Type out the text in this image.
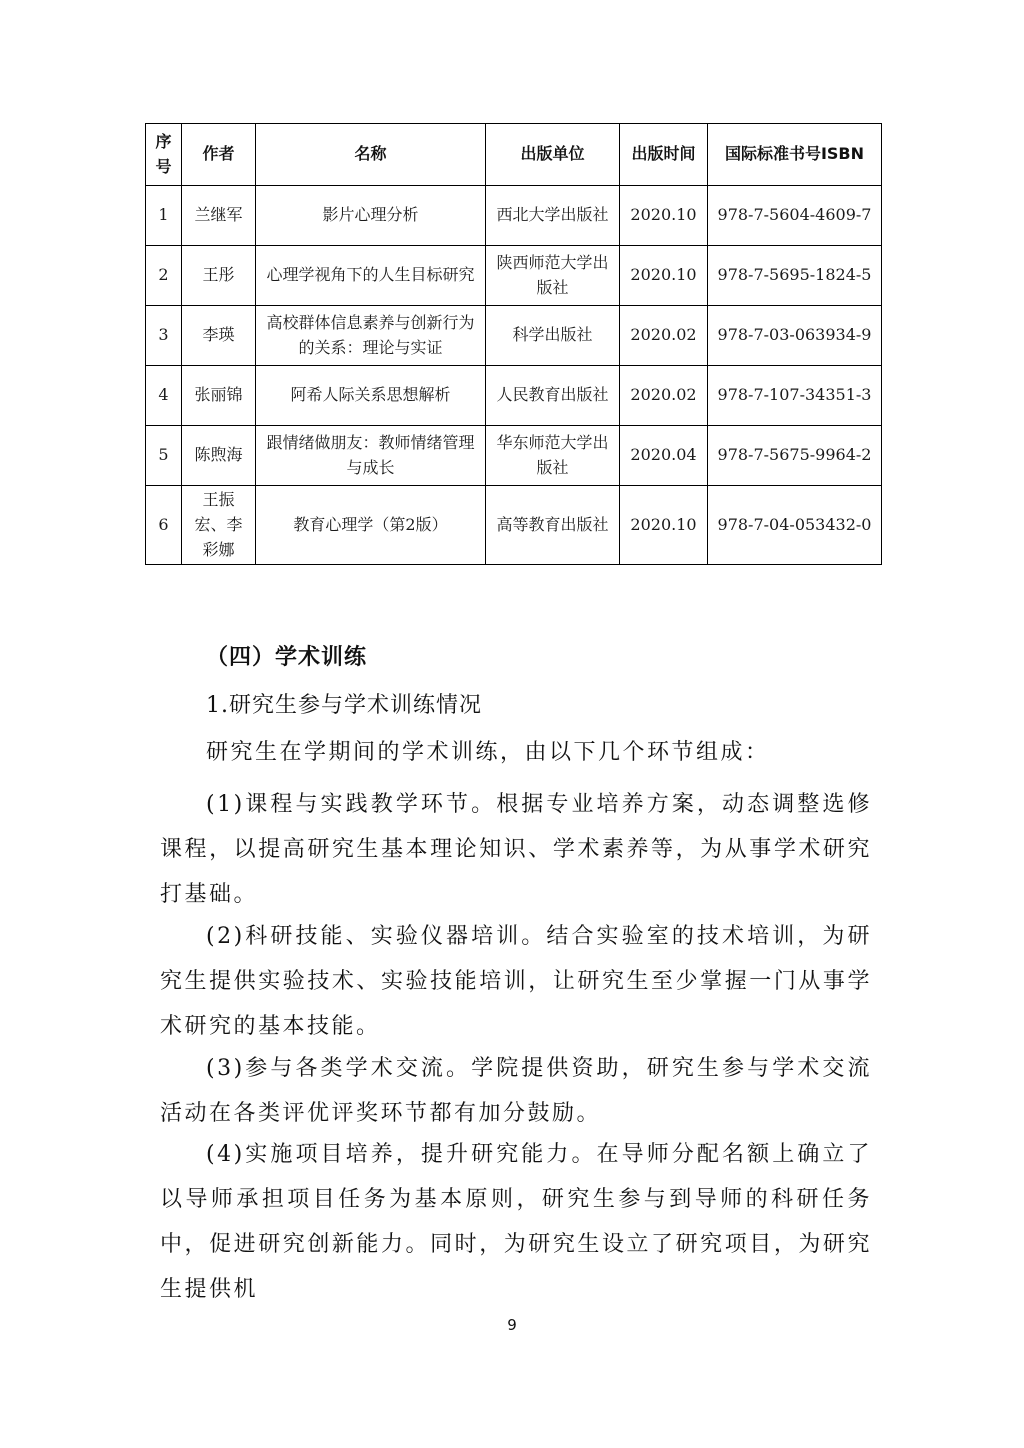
序号	作者	名称	出版单位	出版时间	国际标准书号ISBN
1	兰继军	影片心理分析	西北大学出版社	2020.10	978-7-5604-4609-7
2	王彤	心理学视角下的人生目标研究	陕西师范大学出版社	2020.10	978-7-5695-1824-5
3	李瑛	高校群体信息素养与创新行为的关系：理论与实证	科学出版社	2020.02	978-7-03-063934-9
4	张丽锦	阿希人际关系思想解析	人民教育出版社	2020.02	978-7-107-34351-3
5	陈煦海	跟情绪做朋友：教师情绪管理与成长	华东师范大学出版社	2020.04	978-7-5675-9964-2
6	王振宏、李彩娜	教育心理学（第2版）	高等教育出版社	2020.10	978-7-04-053432-0
（四）学术训练
1.研究生参与学术训练情况

研究生在学期间的学术训练，由以下几个环节组成：

(1)课程与实践教学环节。根据专业培养方案，动态调整选修课程，以提高研究生基本理论知识、学术素养等，为从事学术研究打基础。

(2)科研技能、实验仪器培训。结合实验室的技术培训，为研究生提供实验技术、实验技能培训，让研究生至少掌握一门从事学术研究的基本技能。

(3)参与各类学术交流。学院提供资助，研究生参与学术交流活动在各类评优评奖环节都有加分鼓励。

(4)实施项目培养，提升研究能力。在导师分配名额上确立了以导师承担项目任务为基本原则，研究生参与到导师的科研任务中，促进研究创新能力。同时，为研究生设立了研究项目，为研究生提供机

9
